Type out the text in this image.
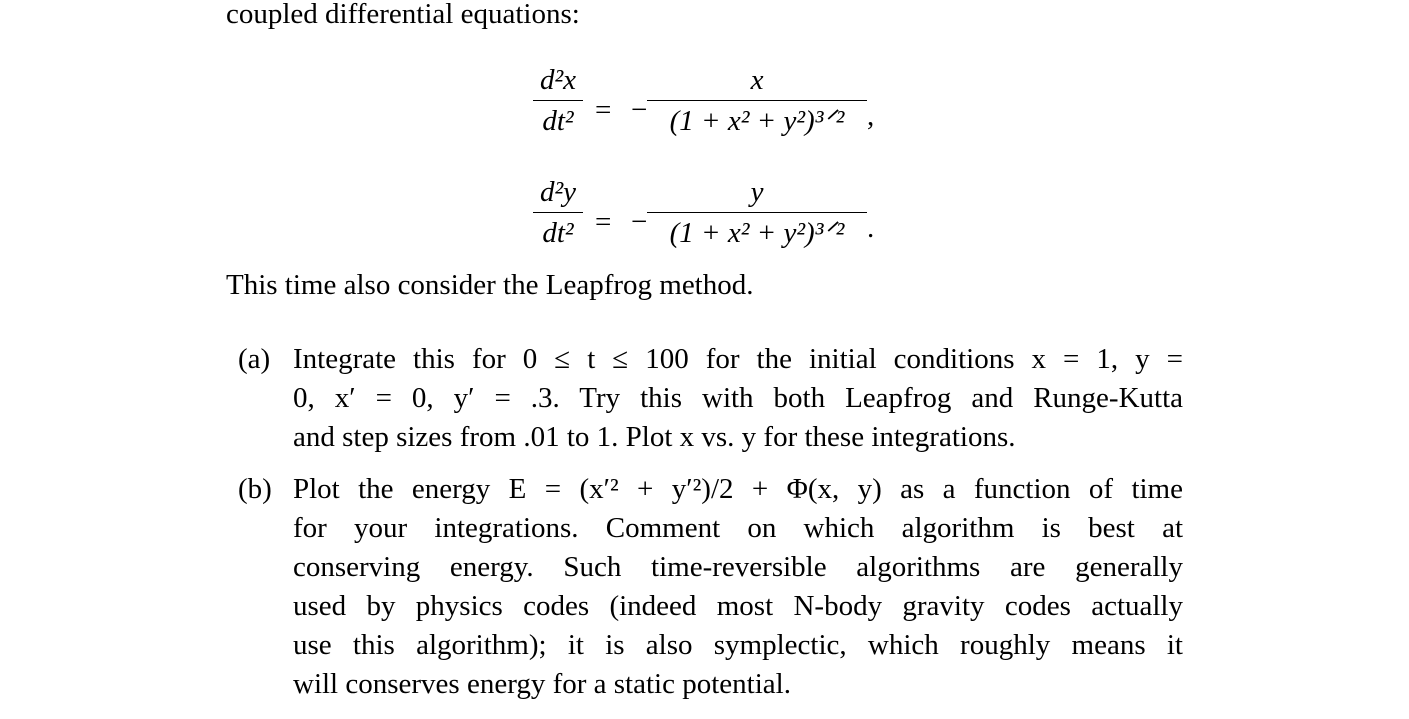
coupled differential equations:
d²x
dt² = −
x
(1 + x² + y²)³ᐟ² ,
d²y
dt² = −
y
(1 + x² + y²)³ᐟ² .
This time also consider the Leapfrog method.
(a) Integrate this for 0 ≤ t ≤ 100 for the initial conditions x = 1, y =
0, x′ = 0, y′ = .3. Try this with both Leapfrog and Runge-Kutta
and step sizes from .01 to 1. Plot x vs. y for these integrations.
(b) Plot the energy E = (x′² + y′²)/2 + Φ(x, y) as a function of time
for your integrations. Comment on which algorithm is best at
conserving energy. Such time-reversible algorithms are generally
used by physics codes (indeed most N-body gravity codes actually
use this algorithm); it is also symplectic, which roughly means it
will conserves energy for a static potential.
